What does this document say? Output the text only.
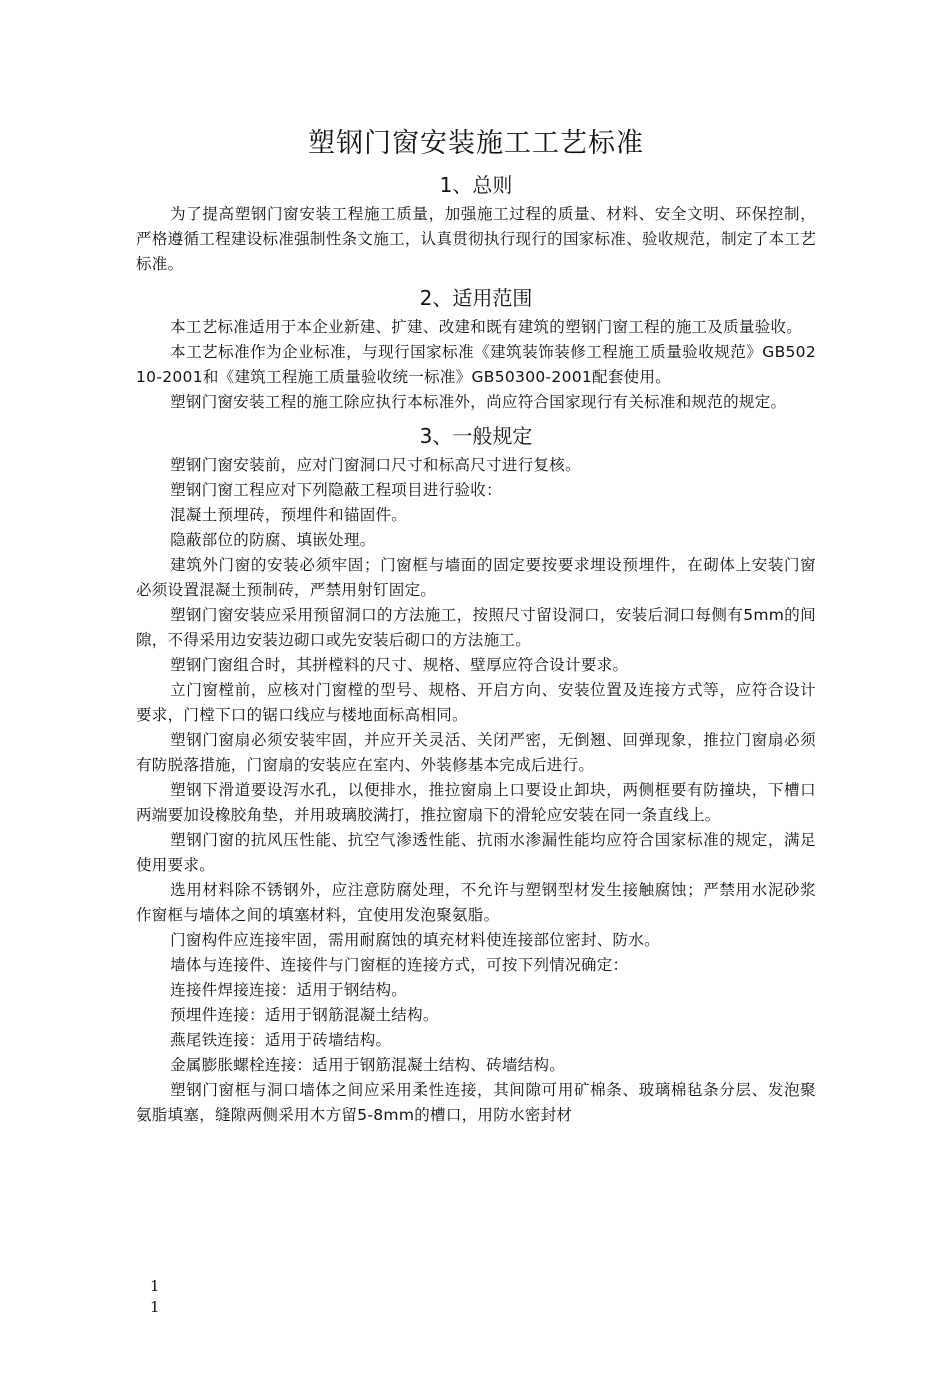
塑钢门窗安装施工工艺标准
1、总则

为了提高塑钢门窗安装工程施工质量，加强施工过程的质量、材料、安全文明、环保控制，严格遵循工程建设标准强制性条文施工，认真贯彻执行现行的国家标准、验收规范，制定了本工艺标准。

2、适用范围

本工艺标准适用于本企业新建、扩建、改建和既有建筑的塑钢门窗工程的施工及质量验收。

本工艺标准作为企业标准，与现行国家标准《建筑装饰装修工程施工质量验收规范》GB50210-2001和《建筑工程施工质量验收统一标准》GB50300-2001配套使用。

塑钢门窗安装工程的施工除应执行本标准外，尚应符合国家现行有关标准和规范的规定。

3、一般规定

塑钢门窗安装前，应对门窗洞口尺寸和标高尺寸进行复核。

塑钢门窗工程应对下列隐蔽工程项目进行验收：

混凝土预埋砖，预埋件和锚固件。

隐蔽部位的防腐、填嵌处理。

建筑外门窗的安装必须牢固；门窗框与墙面的固定要按要求埋设预埋件，在砌体上安装门窗必须设置混凝土预制砖，严禁用射钉固定。

塑钢门窗安装应采用预留洞口的方法施工，按照尺寸留设洞口，安装后洞口每侧有5mm的间隙，不得采用边安装边砌口或先安装后砌口的方法施工。

塑钢门窗组合时，其拼樘料的尺寸、规格、壁厚应符合设计要求。

立门窗樘前，应核对门窗樘的型号、规格、开启方向、安装位置及连接方式等，应符合设计要求，门樘下口的锯口线应与楼地面标高相同。

塑钢门窗扇必须安装牢固，并应开关灵活、关闭严密，无倒翘、回弹现象，推拉门窗扇必须有防脱落措施，门窗扇的安装应在室内、外装修基本完成后进行。

塑钢下滑道要设泻水孔，以便排水，推拉窗扇上口要设止卸块，两侧框要有防撞块，下槽口两端要加设橡胶角垫，并用玻璃胶满打，推拉窗扇下的滑轮应安装在同一条直线上。

塑钢门窗的抗风压性能、抗空气渗透性能、抗雨水渗漏性能均应符合国家标准的规定，满足使用要求。

选用材料除不锈钢外，应注意防腐处理，不允许与塑钢型材发生接触腐蚀；严禁用水泥砂浆作窗框与墙体之间的填塞材料，宜使用发泡聚氨脂。

门窗构件应连接牢固，需用耐腐蚀的填充材料使连接部位密封、防水。

墙体与连接件、连接件与门窗框的连接方式，可按下列情况确定：

连接件焊接连接：适用于钢结构。

预埋件连接：适用于钢筋混凝土结构。

燕尾铁连接：适用于砖墙结构。

金属膨胀螺栓连接：适用于钢筋混凝土结构、砖墙结构。

塑钢门窗框与洞口墙体之间应采用柔性连接，其间隙可用矿棉条、玻璃棉毡条分层、发泡聚氨脂填塞，缝隙两侧采用木方留5-8mm的槽口，用防水密封材

1
1
